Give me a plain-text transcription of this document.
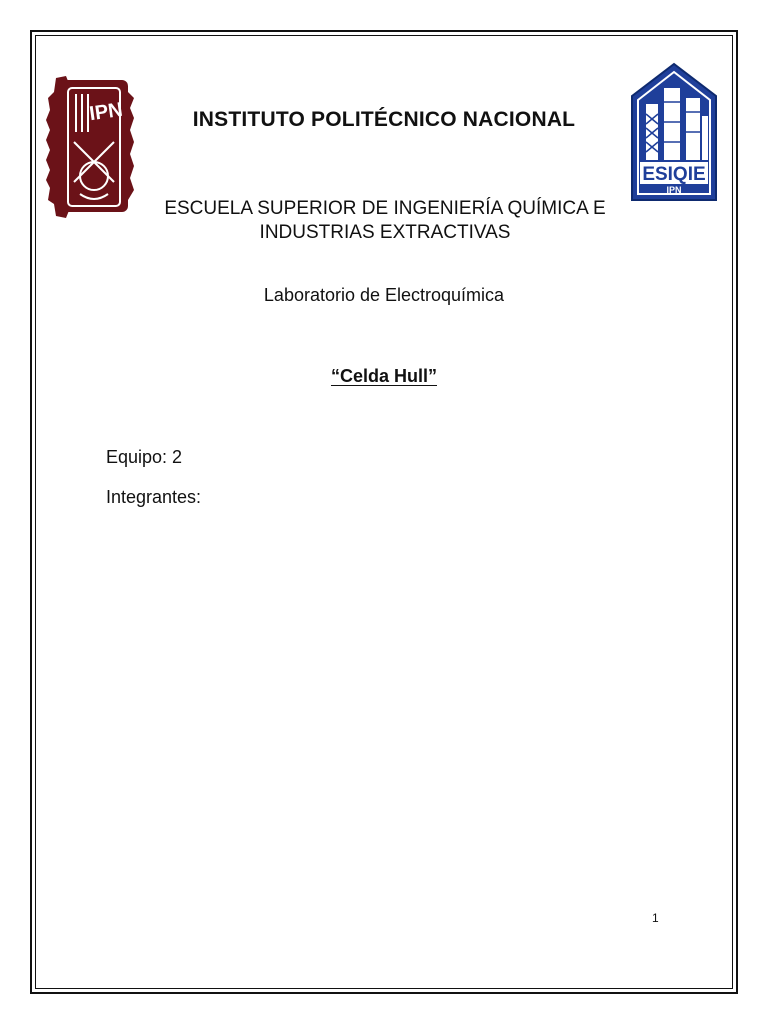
IPN
ESIQIE
IPN
INSTITUTO POLITÉCNICO NACIONAL
ESCUELA SUPERIOR DE INGENIERÍA QUÍMICA E
INDUSTRIAS EXTRACTIVAS
Laboratorio de Electroquímica
“Celda Hull”
Equipo: 2
Integrantes:
1
